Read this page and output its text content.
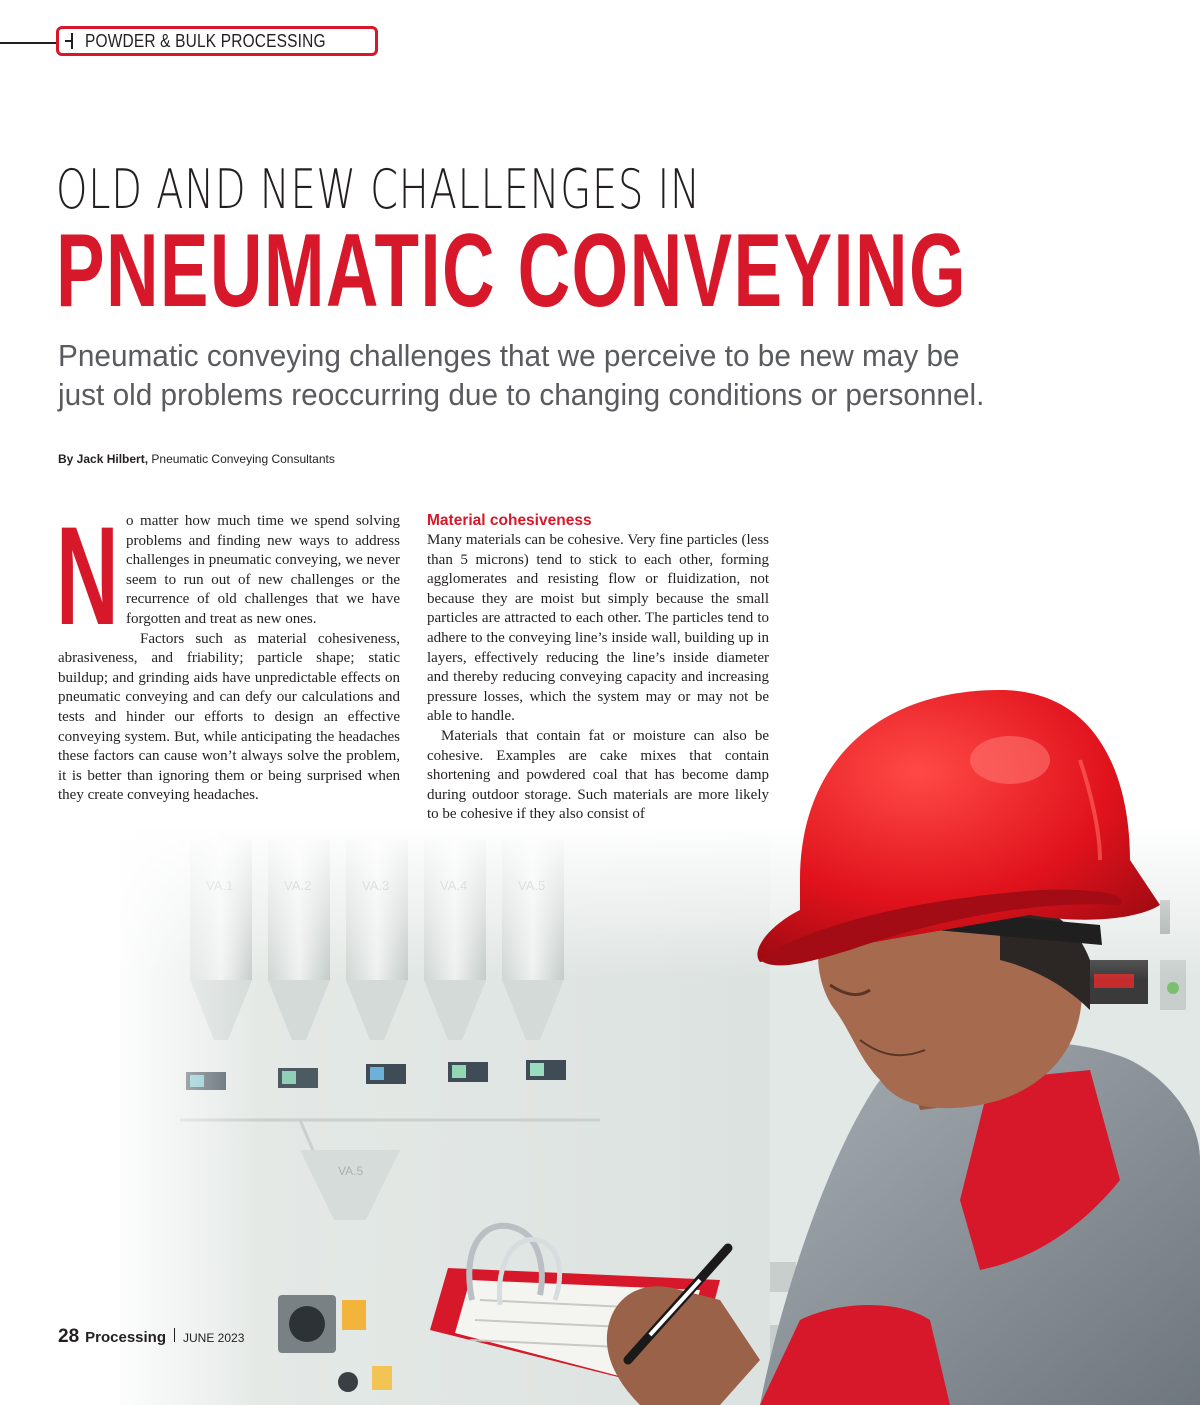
VA.5
POWDER & BULK PROCESSING
OLD AND NEW CHALLENGES IN
PNEUMATIC CONVEYING
Pneumatic conveying challenges that we perceive to be new may be
just old problems reoccurring due to changing conditions or personnel.
By Jack Hilbert, Pneumatic Conveying Consultants

N o matter how much time we spend solving problems and finding new ways to address challenges in pneumatic conveying, we never seem to run out of new challenges or the recurrence of old challenges that we have forgotten and treat as new ones.

Factors such as material cohesiveness, abrasiveness, and friability; particle shape; static buildup; and grinding aids have unpredictable effects on pneumatic conveying and can defy our calculations and tests and hinder our efforts to design an effective conveying system. But, while anticipating the headaches these factors can cause won’t always solve the problem, it is better than ignoring them or being surprised when they create conveying headaches.

Material cohesiveness

Many materials can be cohesive. Very fine particles (less than 5 microns) tend to stick to each other, forming agglomerates and resisting flow or fluidization, not because they are moist but simply because the small particles are attracted to each other. The particles tend to adhere to the conveying line’s inside wall, building up in layers, effectively reducing the line’s inside diameter and thereby reducing conveying capacity and increasing pressure losses, which the system may or may not be able to handle.

Materials that contain fat or moisture can also be cohesive. Examples are cake mixes that contain shortening and powdered coal that has become damp during outdoor storage. Such materials are more likely to be cohesive if they also consist of

28 Processing JUNE 2023
